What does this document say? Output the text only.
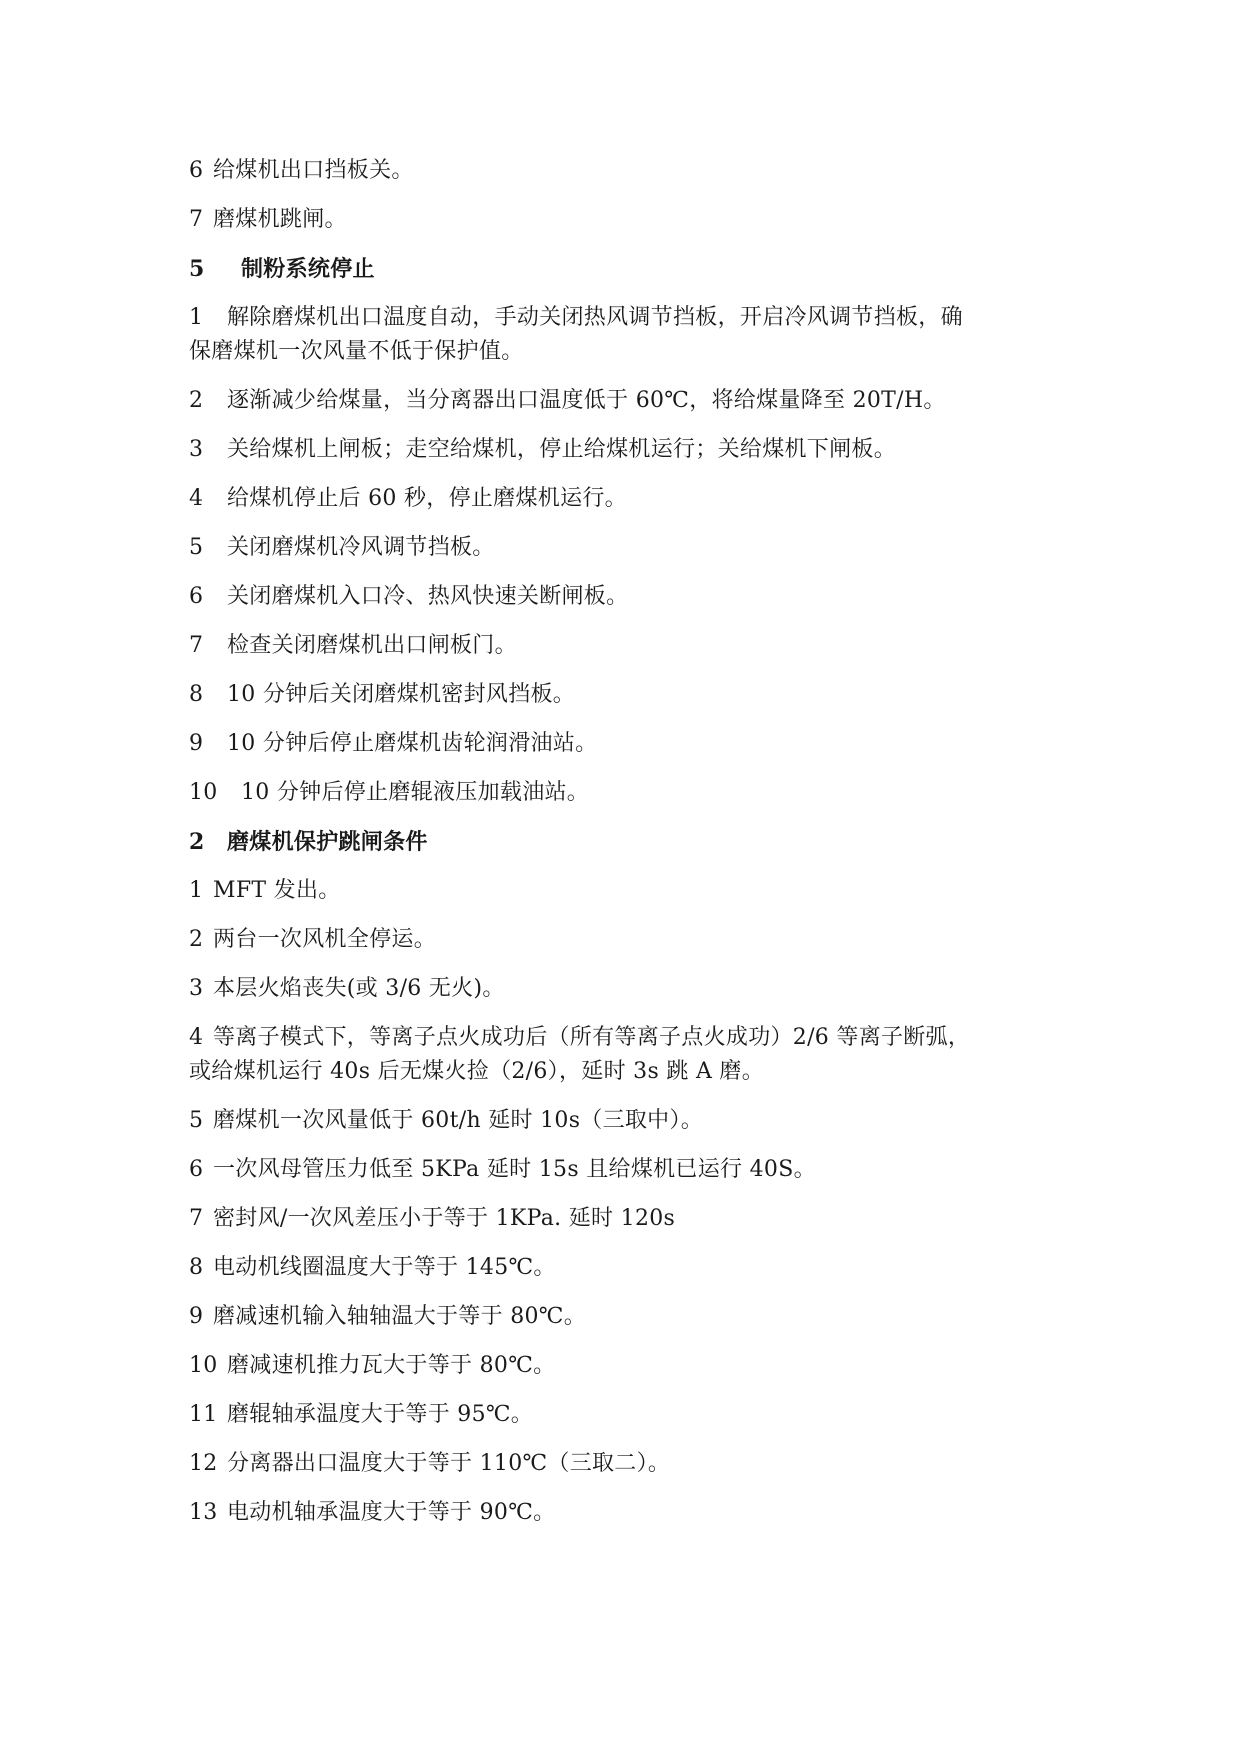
6 给煤机出口挡板关。
7 磨煤机跳闸。
5 制粉系统停止
1 解除磨煤机出口温度自动，手动关闭热风调节挡板，开启冷风调节挡板，确
保磨煤机一次风量不低于保护值。
2 逐渐减少给煤量，当分离器出口温度低于 60℃，将给煤量降至 20T/H。
3 关给煤机上闸板；走空给煤机，停止给煤机运行；关给煤机下闸板。
4 给煤机停止后 60 秒，停止磨煤机运行。
5 关闭磨煤机冷风调节挡板。
6 关闭磨煤机入口冷、热风快速关断闸板。
7 检查关闭磨煤机出口闸板门。
8 10 分钟后关闭磨煤机密封风挡板。
9 10 分钟后停止磨煤机齿轮润滑油站。
10 10 分钟后停止磨辊液压加载油站。
2 磨煤机保护跳闸条件
1 MFT 发出。
2 两台一次风机全停运。
3 本层火焰丧失(或 3/6 无火)。
4 等离子模式下，等离子点火成功后（所有等离子点火成功）2/6 等离子断弧，
或给煤机运行 40s 后无煤火捡（2/6），延时 3s 跳 A 磨。
5 磨煤机一次风量低于 60t/h 延时 10s（三取中）。
6 一次风母管压力低至 5KPa 延时 15s 且给煤机已运行 40S。
7 密封风/一次风差压小于等于 1KPa. 延时 120s
8 电动机线圈温度大于等于 145℃。
9 磨减速机输入轴轴温大于等于 80℃。
10 磨减速机推力瓦大于等于 80℃。
11 磨辊轴承温度大于等于 95℃。
12 分离器出口温度大于等于 110℃（三取二）。
13 电动机轴承温度大于等于 90℃。
